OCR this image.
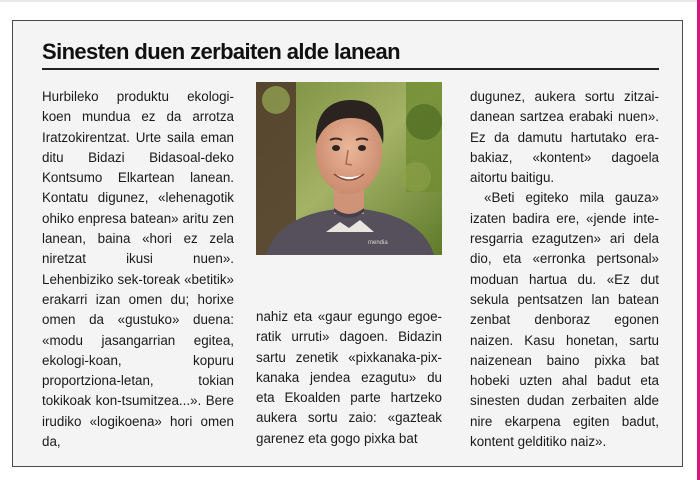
Sinesten duen zerbaiten alde lanean

Hurbileko produktu ekologi-koen mundua ez da arrotza Iratzokirentzat. Urte saila eman ditu Bidazi Bidasoal-deko Kontsumo Elkartean lanean. Kontatu digunez, «lehenagotik ohiko enpresa batean» aritu zen lanean, baina «hori ez zela niretzat ikusi nuen». Lehenbiziko sek-toreak «betitik» erakarri izan omen du; horixe omen da «gustuko» duena: «modu jasangarrian egitea, ekologi-koan, kopuru proportziona-letan, tokian tokikoak kon-tsumitzea...». Bere irudiko «logikoena» hori omen da,

mendia

nahiz eta «gaur egungo egoe-ratik urruti» dagoen. Bidazin sartu zenetik «pixkanaka-pix-kanaka jendea ezagutu» du eta Ekoalden parte hartzeko aukera sortu zaio: «gazteak garenez eta gogo pixka bat

dugunez, aukera sortu zitzai-danean sartzea erabaki nuen». Ez da damutu hartutako era-bakiaz, «kontent» dagoela aitortu baitigu.

«Beti egiteko mila gauza» izaten badira ere, «jende inte-resgarria ezagutzen» ari dela dio, eta «erronka pertsonal» moduan hartua du. «Ez dut sekula pentsatzen lan batean zenbat denboraz egonen naizen. Kasu honetan, sartu naizenean baino pixka bat hobeki uzten ahal badut eta sinesten dudan zerbaiten alde nire ekarpena egiten badut, kontent gelditiko naiz».
